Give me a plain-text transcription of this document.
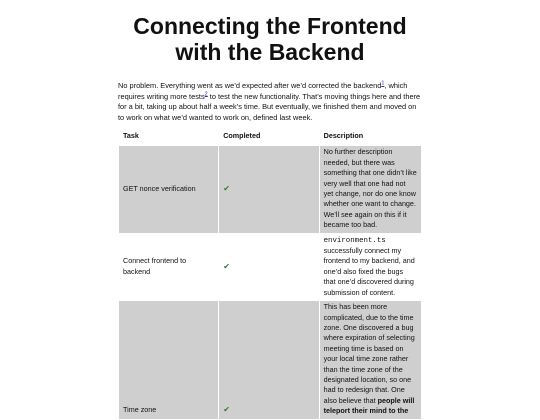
Connecting the Frontend
with the Backend

No problem. Everything went as we’d expected after we’d corrected the backend$^1$, which requires writing more tests$^2$ to test the new functionality. That’s moving things here and there for a bit, taking up about half a week’s time. But eventually, we finished them and moved on to work on what we’d wanted to work on, defined last week.

Task	Completed	Description
GET nonce verification	✔	No further description needed, but there was something that one didn’t like very well that one had not yet change, nor do one know whether one want to change. We’ll see again on this if it became too bad.
Connect frontend to backend	✔	environment.ts successfully connect my frontend to my backend, and one’d also fixed the bugs that one’d discovered during submission of content.

Time zone	✔	This has been more complicated, due to the time zone. One discovered a bug where expiration of selecting meeting time is based on your local time zone rather than the time zone of the designated location, so one had to redesign that. One also believe that people will teleport their mind to the
